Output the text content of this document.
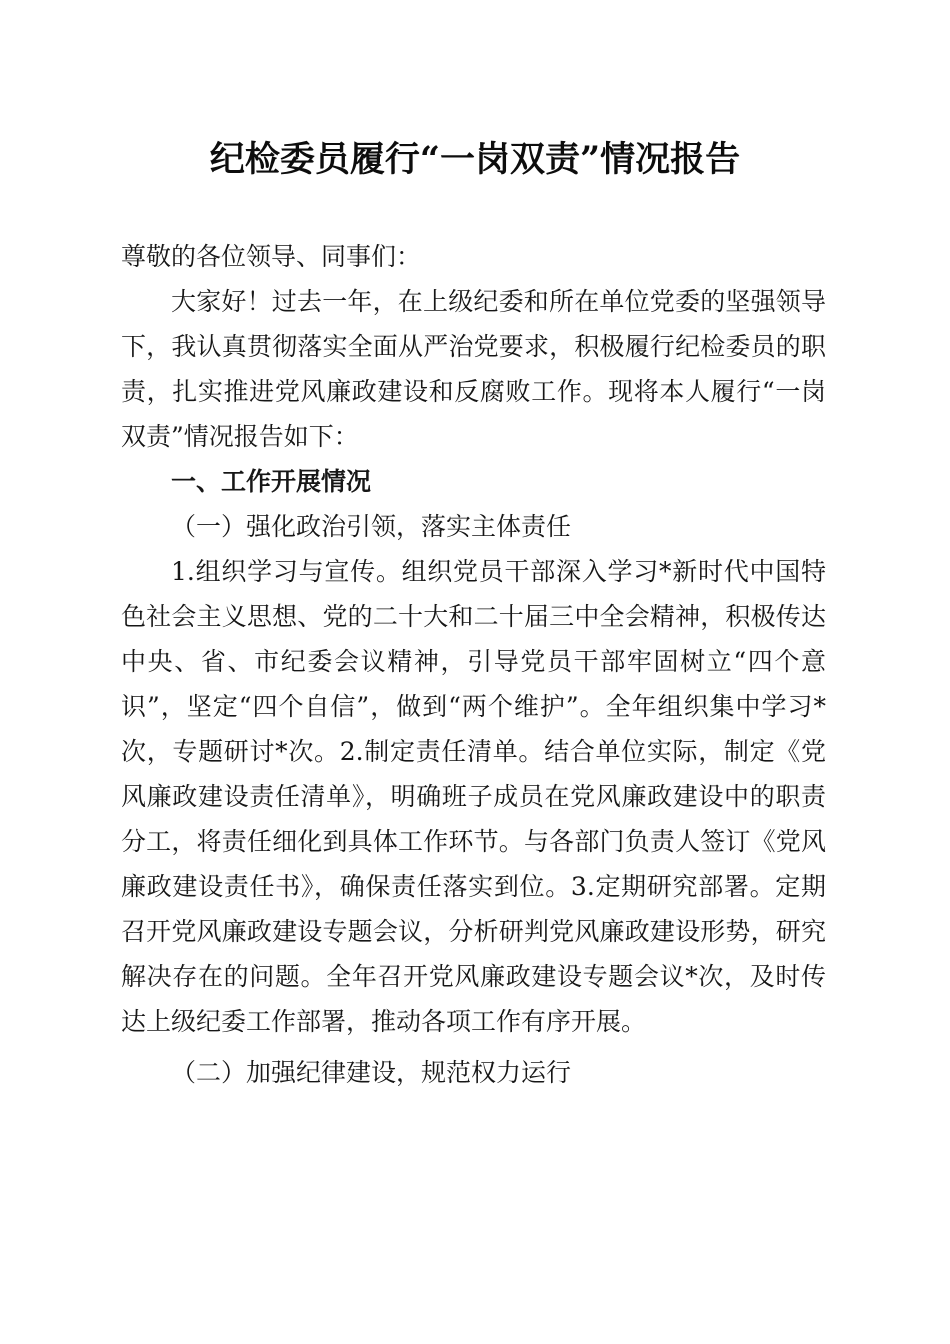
纪检委员履行“一岗双责”情况报告

尊敬的各位领导、同事们：

大家好！过去一年，在上级纪委和所在单位党委的坚强领导下，我认真贯彻落实全面从严治党要求，积极履行纪检委员的职责，扎实推进党风廉政建设和反腐败工作。现将本人履行“一岗双责”情况报告如下：

一、工作开展情况

（一）强化政治引领，落实主体责任

1.组织学习与宣传。组织党员干部深入学习*新时代中国特色社会主义思想、党的二十大和二十届三中全会精神，积极传达中央、省、市纪委会议精神，引导党员干部牢固树立“四个意识”，坚定“四个自信”，做到“两个维护”。全年组织集中学习*次，专题研讨*次。2.制定责任清单。结合单位实际，制定《党风廉政建设责任清单》，明确班子成员在党风廉政建设中的职责分工，将责任细化到具体工作环节。与各部门负责人签订《党风廉政建设责任书》，确保责任落实到位。3.定期研究部署。定期召开党风廉政建设专题会议，分析研判党风廉政建设形势，研究解决存在的问题。全年召开党风廉政建设专题会议*次，及时传达上级纪委工作部署，推动各项工作有序开展。

（二）加强纪律建设，规范权力运行
